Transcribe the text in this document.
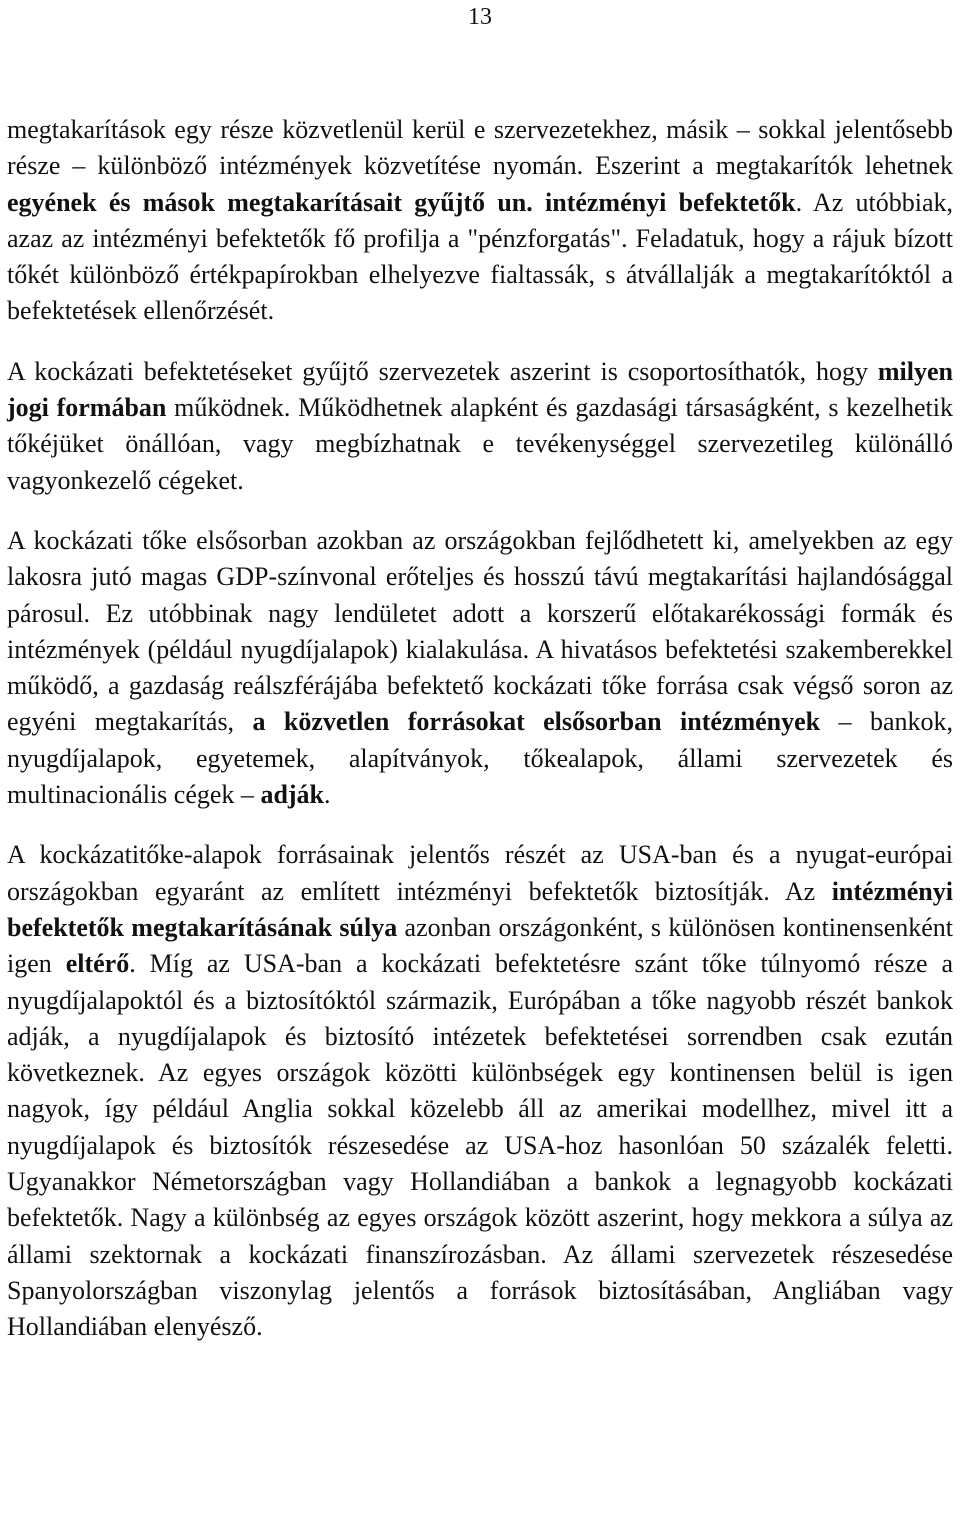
13

megtakarítások egy része közvetlenül kerül e szervezetekhez, másik – sokkal jelentősebb része – különböző intézmények közvetítése nyomán. Eszerint a megtakarítók lehetnek egyének és mások megtakarításait gyűjtő un. intézményi befektetők. Az utóbbiak, azaz az intézményi befektetők fő profilja a "pénzforgatás". Feladatuk, hogy a rájuk bízott tőkét különböző értékpapírokban elhelyezve fialtassák, s átvállalják a megtakarítóktól a befektetések ellenőrzését.

A kockázati befektetéseket gyűjtő szervezetek aszerint is csoportosíthatók, hogy milyen jogi formában működnek. Működhetnek alapként és gazdasági társaságként, s kezelhetik tőkéjüket önállóan, vagy megbízhatnak e tevékenységgel szervezetileg különálló vagyonkezelő cégeket.

A kockázati tőke elsősorban azokban az országokban fejlődhetett ki, amelyekben az egy lakosra jutó magas GDP-színvonal erőteljes és hosszú távú megtakarítási hajlandósággal párosul. Ez utóbbinak nagy lendületet adott a korszerű előtakarékossági formák és intézmények (például nyugdíjalapok) kialakulása. A hivatásos befektetési szakemberekkel működő, a gazdaság reálszférájába befektető kockázati tőke forrása csak végső soron az egyéni megtakarítás, a közvetlen forrásokat elsősorban intézmények – bankok, nyugdíjalapok, egyetemek, alapítványok, tőkealapok, állami szervezetek és multinacionális cégek – adják.

A kockázatitőke-alapok forrásainak jelentős részét az USA-ban és a nyugat-európai országokban egyaránt az említett intézményi befektetők biztosítják. Az intézményi befektetők megtakarításának súlya azonban országonként, s különösen kontinensenként igen eltérő. Míg az USA-ban a kockázati befektetésre szánt tőke túlnyomó része a nyugdíjalapoktól és a biztosítóktól származik, Európában a tőke nagyobb részét bankok adják, a nyugdíjalapok és biztosító intézetek befektetései sorrendben csak ezután következnek. Az egyes országok közötti különbségek egy kontinensen belül is igen nagyok, így például Anglia sokkal közelebb áll az amerikai modellhez, mivel itt a nyugdíjalapok és biztosítók részesedése az USA-hoz hasonlóan 50 százalék feletti. Ugyanakkor Németországban vagy Hollandiában a bankok a legnagyobb kockázati befektetők. Nagy a különbség az egyes országok között aszerint, hogy mekkora a súlya az állami szektornak a kockázati finanszírozásban. Az állami szervezetek részesedése Spanyolországban viszonylag jelentős a források biztosításában, Angliában vagy Hollandiában elenyésző.
